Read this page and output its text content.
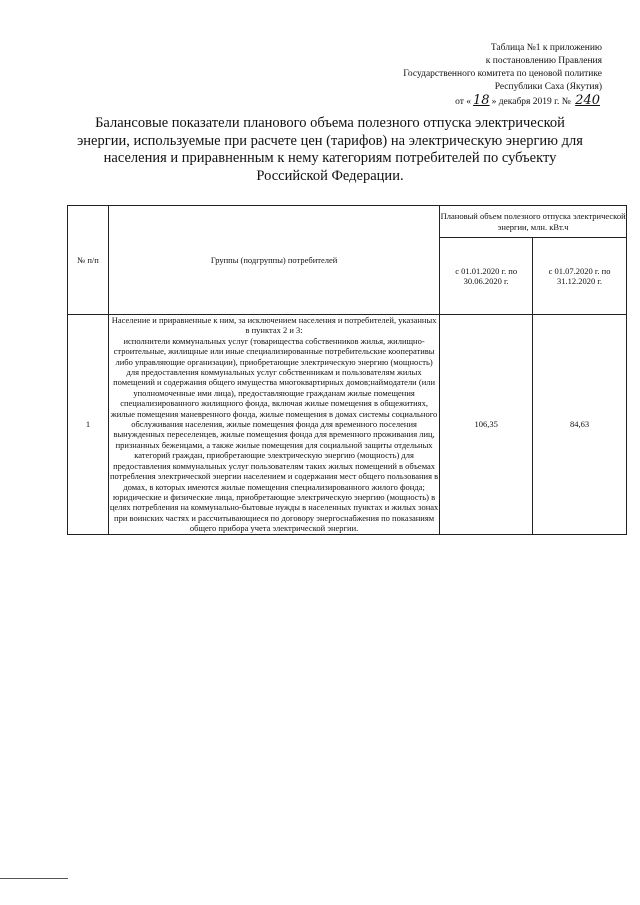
Таблица №1 к приложению
к постановлению Правления
Государственного комитета по ценовой политике
Республики Саха (Якутия)
от « 18 » декабря 2019 г. № 240
Балансовые показатели планового объема полезного отпуска электрической энергии, используемые при расчете цен (тарифов) на электрическую энергию для населения и приравненным к нему категориям потребителей по субъекту Российской Федерации.
№ п/п	Группы (подгруппы) потребителей	Плановый объем полезного отпуска электрической энергии, млн. кВт.ч	
		с 01.01.2020 г. по 30.06.2020 г.	с 01.07.2020 г. по 31.12.2020 г.
1	Население и приравненные к ним, за исключением населения и потребителей, указанных в пунктах 2 и 3:

исполнители коммунальных услуг (товарищества собственников жилья, жилищно-строительные, жилищные или иные специализированные потребительские кооперативы либо управляющие организации), приобретающие электрическую энергию (мощность) для предоставления коммунальных услуг собственникам и пользователям жилых помещений и содержания общего имущества многоквартирных домов;наймодатели (или уполномоченные ими лица), предоставляющие гражданам жилые помещения специализированного жилищного фонда, включая жилые помещения в общежитиях, жилые помещения маневренного фонда, жилые помещения в домах системы социального обслуживания населения, жилые помещения фонда для временного поселения вынужденных переселенцев, жилые помещения фонда для временного проживания лиц, признанных беженцами, а также жилые помещения для социальной защиты отдельных категорий граждан, приобретающие электрическую энергию (мощность) для предоставления коммунальных услуг пользователям таких жилых помещений в объемах потребления электрической энергии населением и содержания мест общего пользования в домах, в которых имеются жилые помещения специализированного жилого фонда;

юридические и физические лица, приобретающие электрическую энергию (мощность) в целях потребления на коммунально-бытовые нужды в населенных пунктах и жилых зонах при воинских частях и рассчитывающиеся по договору энергоснабжения по показаниям общего прибора учета электрической энергии.	106,35	84,63
